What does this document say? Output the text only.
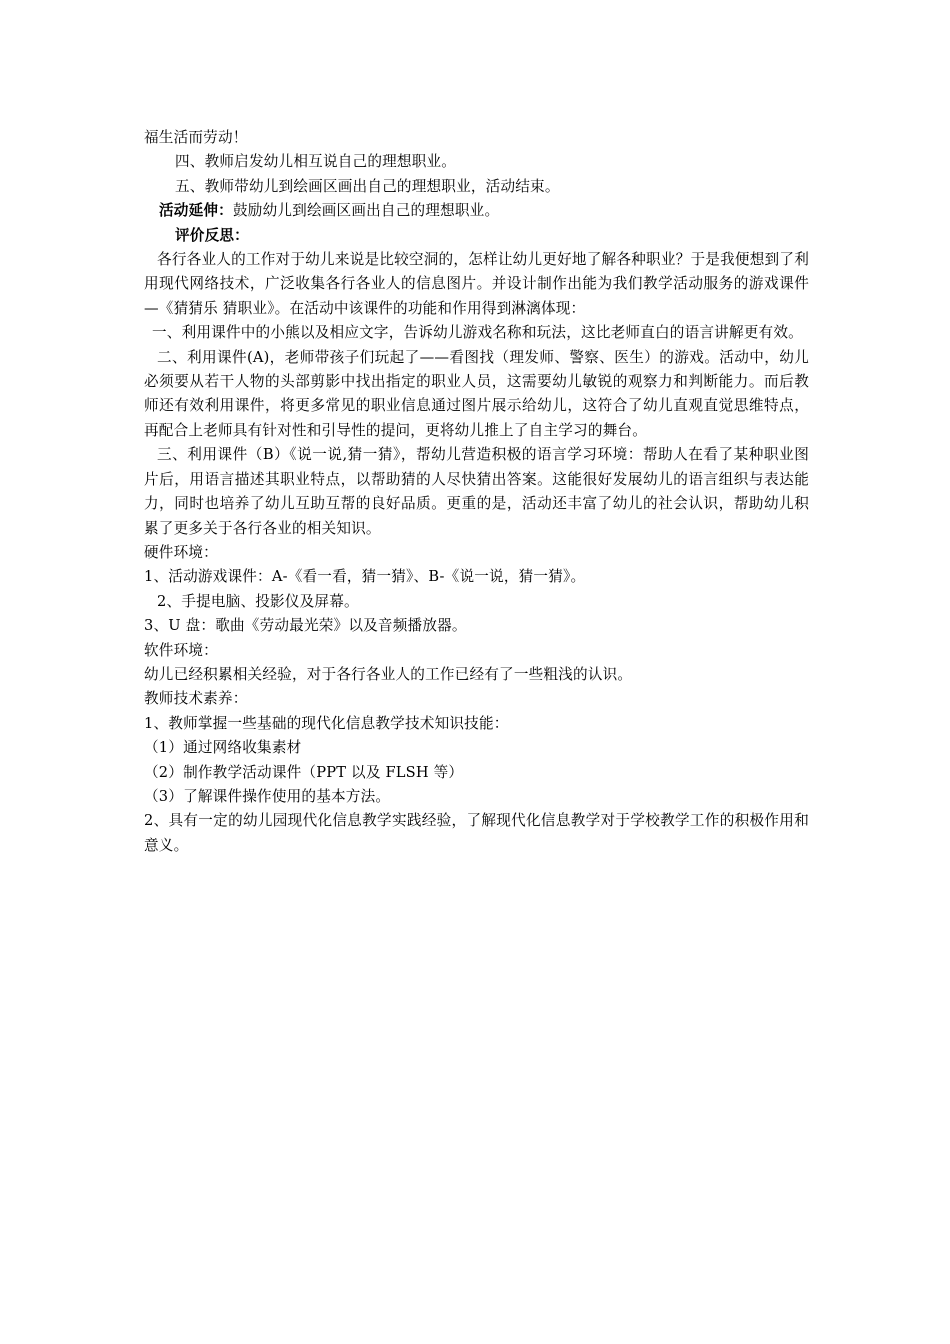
福生活而劳动！

四、教师启发幼儿相互说自己的理想职业。

五、教师带幼儿到绘画区画出自己的理想职业，活动结束。

活动延伸：鼓励幼儿到绘画区画出自己的理想职业。

评价反思：

各行各业人的工作对于幼儿来说是比较空洞的，怎样让幼儿更好地了解各种职业？于是我便想到了利用现代网络技术，广泛收集各行各业人的信息图片。并设计制作出能为我们教学活动服务的游戏课件—《猜猜乐 猜职业》。在活动中该课件的功能和作用得到淋漓体现：

一、利用课件中的小熊以及相应文字，告诉幼儿游戏名称和玩法，这比老师直白的语言讲解更有效。

二、利用课件(A)，老师带孩子们玩起了——看图找（理发师、警察、医生）的游戏。活动中，幼儿必须要从若干人物的头部剪影中找出指定的职业人员，这需要幼儿敏锐的观察力和判断能力。而后教师还有效利用课件，将更多常见的职业信息通过图片展示给幼儿，这符合了幼儿直观直觉思维特点，再配合上老师具有针对性和引导性的提问，更将幼儿推上了自主学习的舞台。

三、利用课件（B）《说一说,猜一猜》，帮幼儿营造积极的语言学习环境：帮助人在看了某种职业图片后，用语言描述其职业特点，以帮助猜的人尽快猜出答案。这能很好发展幼儿的语言组织与表达能力，同时也培养了幼儿互助互帮的良好品质。更重的是，活动还丰富了幼儿的社会认识，帮助幼儿积累了更多关于各行各业的相关知识。

硬件环境：

1、活动游戏课件：A-《看一看，猜一猜》、B-《说一说，猜一猜》。

2、手提电脑、投影仪及屏幕。

3、U 盘：歌曲《劳动最光荣》以及音频播放器。

软件环境：

幼儿已经积累相关经验，对于各行各业人的工作已经有了一些粗浅的认识。

教师技术素养：

1、教师掌握一些基础的现代化信息教学技术知识技能：

（1）通过网络收集素材

（2）制作教学活动课件（PPT 以及 FLSH 等）

（3）了解课件操作使用的基本方法。

2、具有一定的幼儿园现代化信息教学实践经验，了解现代化信息教学对于学校教学工作的积极作用和意义。
